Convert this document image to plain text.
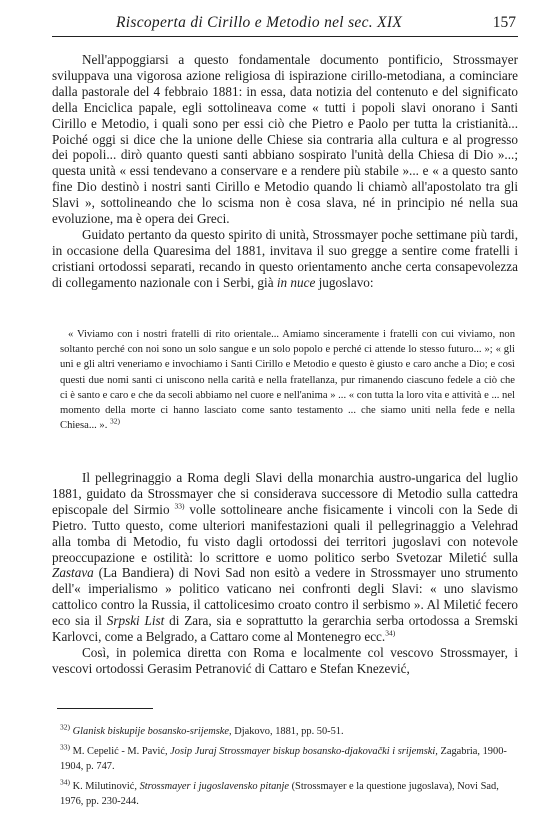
Riscoperta di Cirillo e Metodio nel sec. XIX	157

Nell'appoggiarsi a questo fondamentale documento pontificio, Strossmayer sviluppava una vigorosa azione religiosa di ispirazione cirillo-metodiana, a cominciare dalla pastorale del 4 febbraio 1881: in essa, data notizia del contenuto e del significato della Enciclica papale, egli sottolineava come « tutti i popoli slavi onorano i Santi Cirillo e Metodio, i quali sono per essi ciò che Pietro e Paolo per tutta la cristianità... Poiché oggi si dice che la unione delle Chiese sia contraria alla cultura e al progresso dei popoli... dirò quanto questi santi abbiano sospirato l'unità della Chiesa di Dio »...; questa unità « essi tendevano a conservare e a rendere più stabile »... e « a questo santo fine Dio destinò i nostri santi Cirillo e Metodio quando li chiamò all'apostolato tra gli Slavi », sottolineando che lo scisma non è cosa slava, né in principio né nella sua evoluzione, ma è opera dei Greci.

Guidato pertanto da questo spirito di unità, Strossmayer poche settimane più tardi, in occasione della Quaresima del 1881, invitava il suo gregge a sentire come fratelli i cristiani ortodossi separati, recando in questo orientamento anche certa consapevolezza di collegamento nazionale con i Serbi, già in nuce jugoslavo:

« Viviamo con i nostri fratelli di rito orientale... Amiamo sinceramente i fratelli con cui viviamo, non soltanto perché con noi sono un solo sangue e un solo popolo e perché ci attende lo stesso futuro... »; « gli uni e gli altri veneriamo e invochiamo i Santi Cirillo e Metodio e questo è giusto e caro anche a Dio; e così questi due nomi santi ci uniscono nella carità e nella fratellanza, pur rimanendo ciascuno fedele a ciò che ci è santo e caro e che da secoli abbiamo nel cuore e nell'anima » ... « con tutta la loro vita e attività e ... nel momento della morte ci hanno lasciato come santo testamento ... che siamo uniti nella fede e nella Chiesa... ». $^{32)}$

Il pellegrinaggio a Roma degli Slavi della monarchia austro-ungarica del luglio 1881, guidato da Strossmayer che si considerava successore di Metodio sulla cattedra episcopale del Sirmio $^{33)}$ volle sottolineare anche fisicamente i vincoli con la Sede di Pietro. Tutto questo, come ulteriori manifestazioni quali il pellegrinaggio a Velehrad alla tomba di Metodio, fu visto dagli ortodossi dei territori jugoslavi con notevole preoccupazione e ostilità: lo scrittore e uomo politico serbo Svetozar Miletić sulla Zastava (La Bandiera) di Novi Sad non esitò a vedere in Strossmayer uno strumento dell'« imperialismo » politico vaticano nei confronti degli Slavi: « uno slavismo cattolico contro la Russia, il cattolicesimo croato contro il serbismo ». Al Miletić fecero eco sia il Srpski List di Zara, sia e soprattutto la gerarchia serba ortodossa a Sremski Karlovci, come a Belgrado, a Cattaro come al Montenegro ecc.$^{34)}$

Così, in polemica diretta con Roma e localmente col vescovo Strossmayer, i vescovi ortodossi Gerasim Petranović di Cattaro e Stefan Knezević,

$^{32)}$ Glanisk biskupije bosansko-srijemske, Djakovo, 1881, pp. 50-51.

$^{33)}$ M. Cepelić - M. Pavić, Josip Juraj Strossmayer biskup bosansko-djakovački i srijemski, Zagabria, 1900-1904, p. 747.

$^{34)}$ K. Milutinović, Strossmayer i jugoslavensko pitanje (Strossmayer e la questione jugoslava), Novi Sad, 1976, pp. 230-244.
